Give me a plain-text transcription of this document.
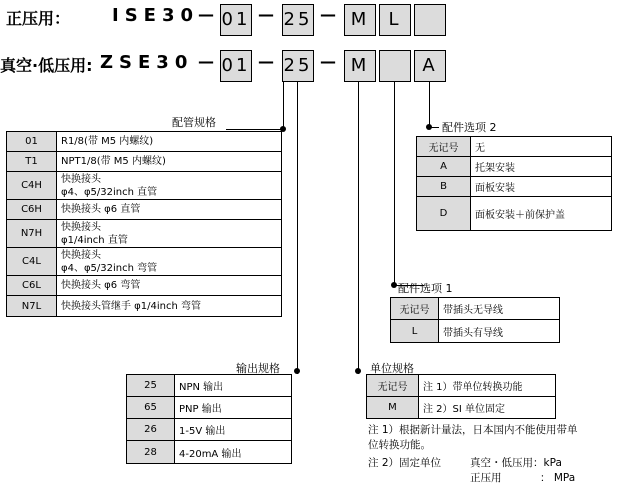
正压用： ISE30
— 01 — 25 — M	L
真空·低压用: ZSE30 — 01 — 25 — M	A
配管规格
01	R1/8(带 M5 内螺纹)

T1	NPT1/8(带 M5 内螺纹)

C4H	快换接头
φ4、φ5/32inch 直管

C6H	快换接头 φ6 直管

N7H	快换接头
φ1/4inch 直管

C4L	快换接头
φ4、φ5/32inch 弯管

C6L	快换接头 φ6 弯管

N7L	快换接头管继手 φ1/4inch 弯管
输出规格
25	NPN 输出
65	PNP 输出
26	1-5V 输出
28	4-20mA 输出
单位规格
无记号	注 1）带单位转换功能
M	注 2）SI 单位固定
注 1）根据新计量法，日本国内不能使用带单
位转换功能。
注 2）固定单位	真空・低压用：kPa
正压用	： MPa
配件选项 1
无记号	带插头无导线
L	带插头有导线
配件选项 2
无记号	无
A	托架安装
B	面板安装
D	面板安装＋前保护盖
